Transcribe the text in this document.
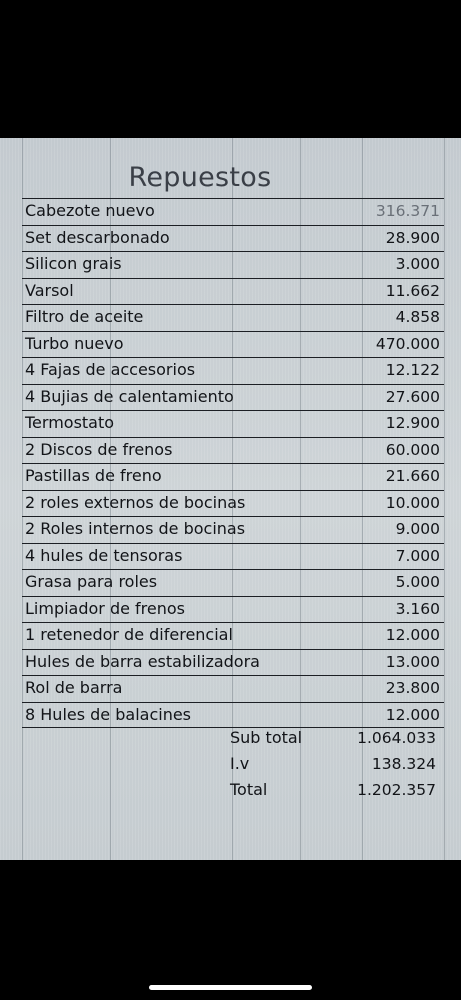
Repuestos
Cabezote nuevo	316.371
Set descarbonado	28.900
Silicon grais	3.000
Varsol	11.662
Filtro de aceite	4.858
Turbo nuevo	470.000
4 Fajas de accesorios	12.122
4 Bujias de calentamiento	27.600
Termostato	12.900
2 Discos de frenos	60.000
Pastillas de freno	21.660
2 roles externos de bocinas	10.000
2 Roles internos de bocinas	9.000
4 hules de tensoras	7.000
Grasa para roles	5.000
Limpiador de frenos	3.160
1 retenedor de diferencial	12.000
Hules de barra estabilizadora	13.000
Rol de barra	23.800
8 Hules de balacines	12.000
Sub total	1.064.033
I.v	138.324
Total	1.202.357
